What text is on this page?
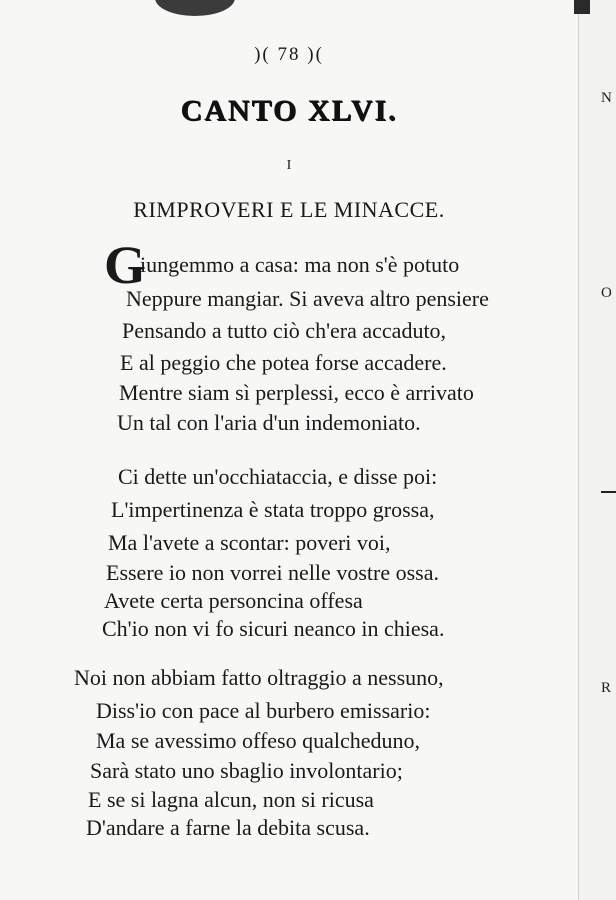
)( 78 )(
CANTO XLVI.
I
RIMPROVERI E LE MINACCE.
G
iungemmo a casa: ma non s'è potuto
Neppure mangiar. Si aveva altro pensiere
Pensando a tutto ciò ch'era accaduto,
E al peggio che potea forse accadere.
Mentre siam sì perplessi, ecco è arrivato
Un tal con l'aria d'un indemoniato.
Ci dette un'occhiataccia, e disse poi:
L'impertinenza è stata troppo grossa,
Ma l'avete a scontar: poveri voi,
Essere io non vorrei nelle vostre ossa.
Avete certa personcina offesa
Ch'io non vi fo sicuri neanco in chiesa.
Noi non abbiam fatto oltraggio a nessuno,
Diss'io con pace al burbero emissario:
Ma se avessimo offeso qualcheduno,
Sarà stato uno sbaglio involontario;
E se si lagna alcun, non si ricusa
D'andare a farne la debita scusa.
N
O
R
